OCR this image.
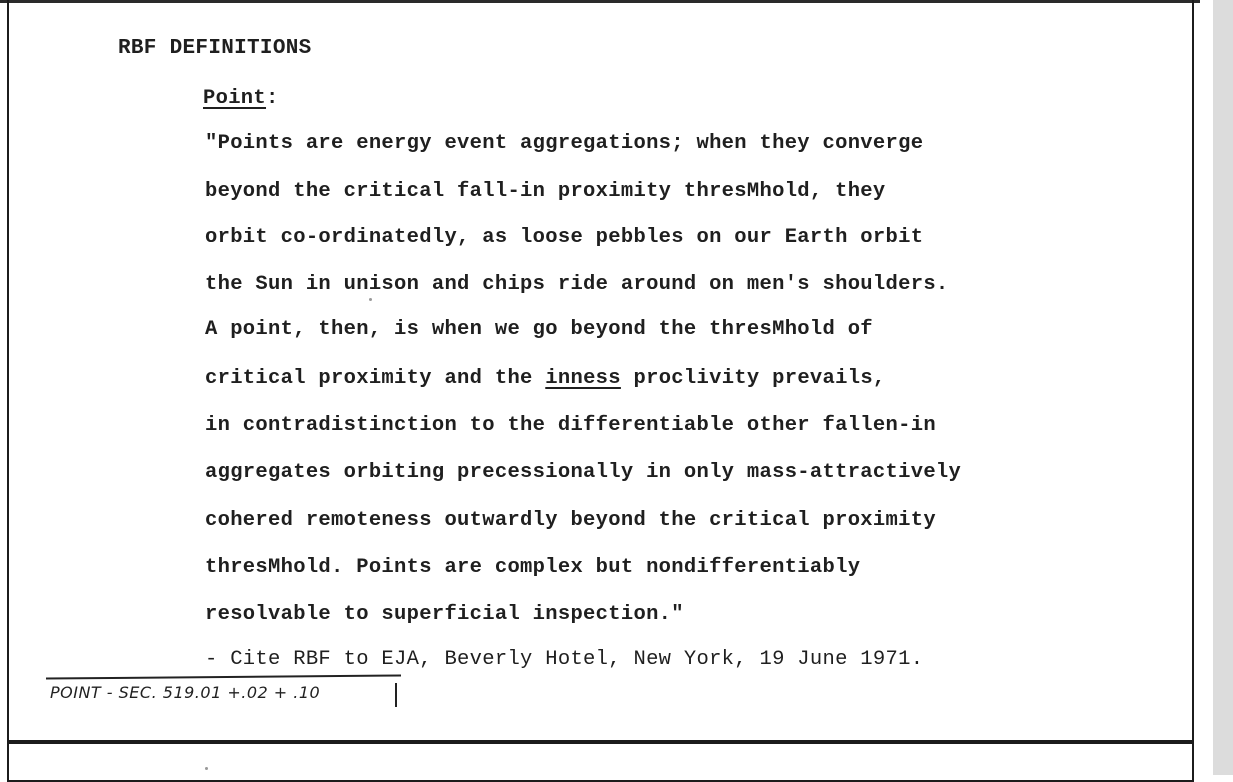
RBF DEFINITIONS
Point:
"Points are energy event aggregations; when they converge
beyond the critical fall-in proximity thresMhold, they
orbit co-ordinatedly, as loose pebbles on our Earth orbit
the Sun in unison and chips ride around on men's shoulders.
A point, then, is when we go beyond the thresMhold of
critical proximity and the inness proclivity prevails,
in contradistinction to the differentiable other fallen-in
aggregates orbiting precessionally in only mass-attractively
cohered remoteness outwardly beyond the critical proximity
thresMhold. Points are complex but nondifferentiably
resolvable to superficial inspection."
- Cite RBF to EJA, Beverly Hotel, New York, 19 June 1971.
POINT - SEC. 519.01 +.02 + .10
